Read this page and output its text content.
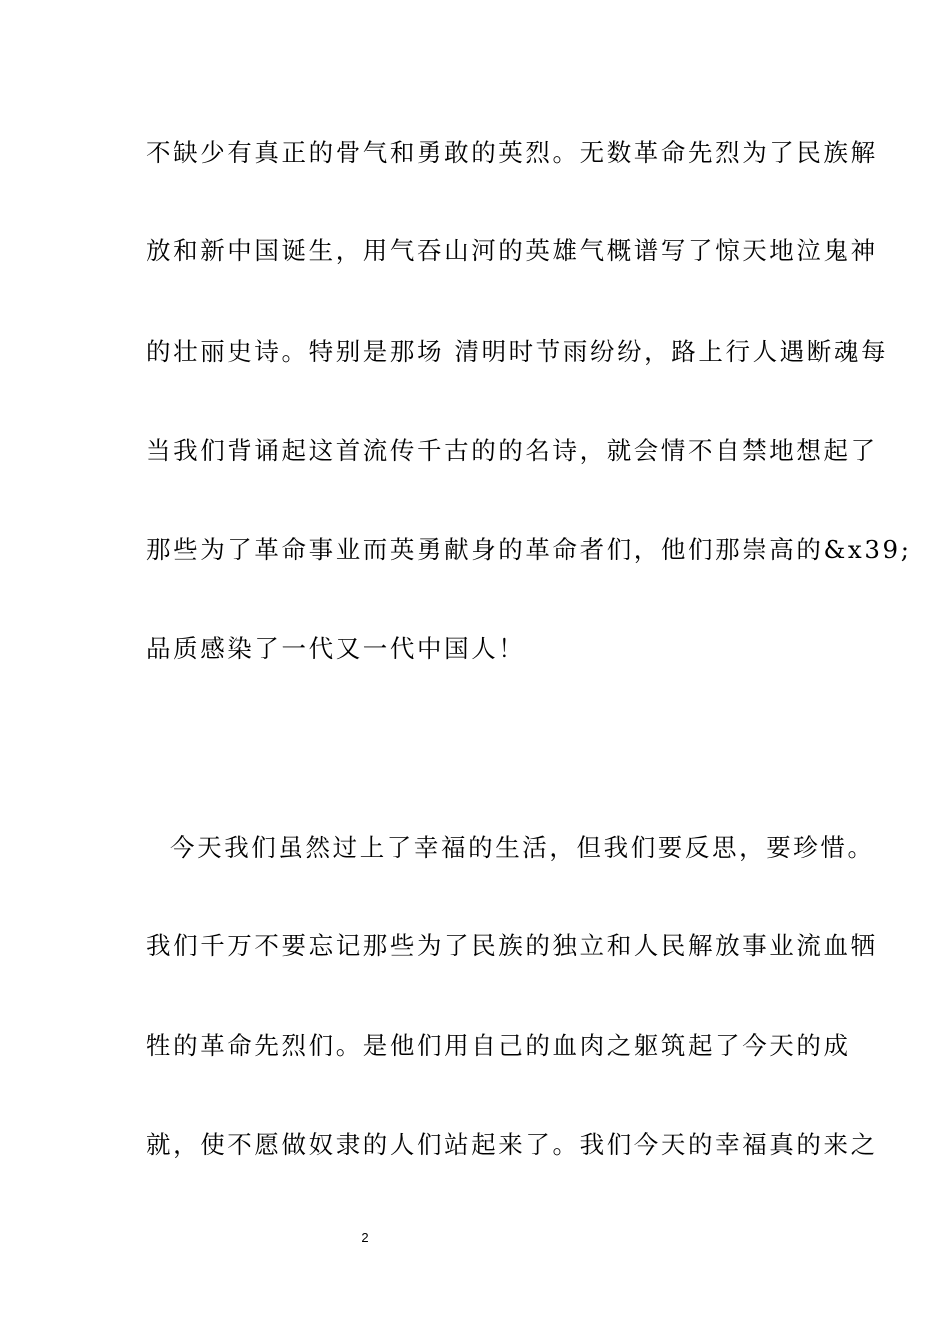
不缺少有真正的骨气和勇敢的英烈。无数革命先烈为了民族解
放和新中国诞生，用气吞山河的英雄气概谱写了惊天地泣鬼神
的壮丽史诗。特别是那场 清明时节雨纷纷，路上行人遇断魂每
当我们背诵起这首流传千古的的名诗，就会情不自禁地想起了
那些为了革命事业而英勇献身的革命者们，他们那崇高的&x39;
品质感染了一代又一代中国人！
今天我们虽然过上了幸福的生活，但我们要反思，要珍惜。
我们千万不要忘记那些为了民族的独立和人民解放事业流血牺
牲的革命先烈们。是他们用自己的血肉之躯筑起了今天的成
就，使不愿做奴隶的人们站起来了。我们今天的幸福真的来之
2
